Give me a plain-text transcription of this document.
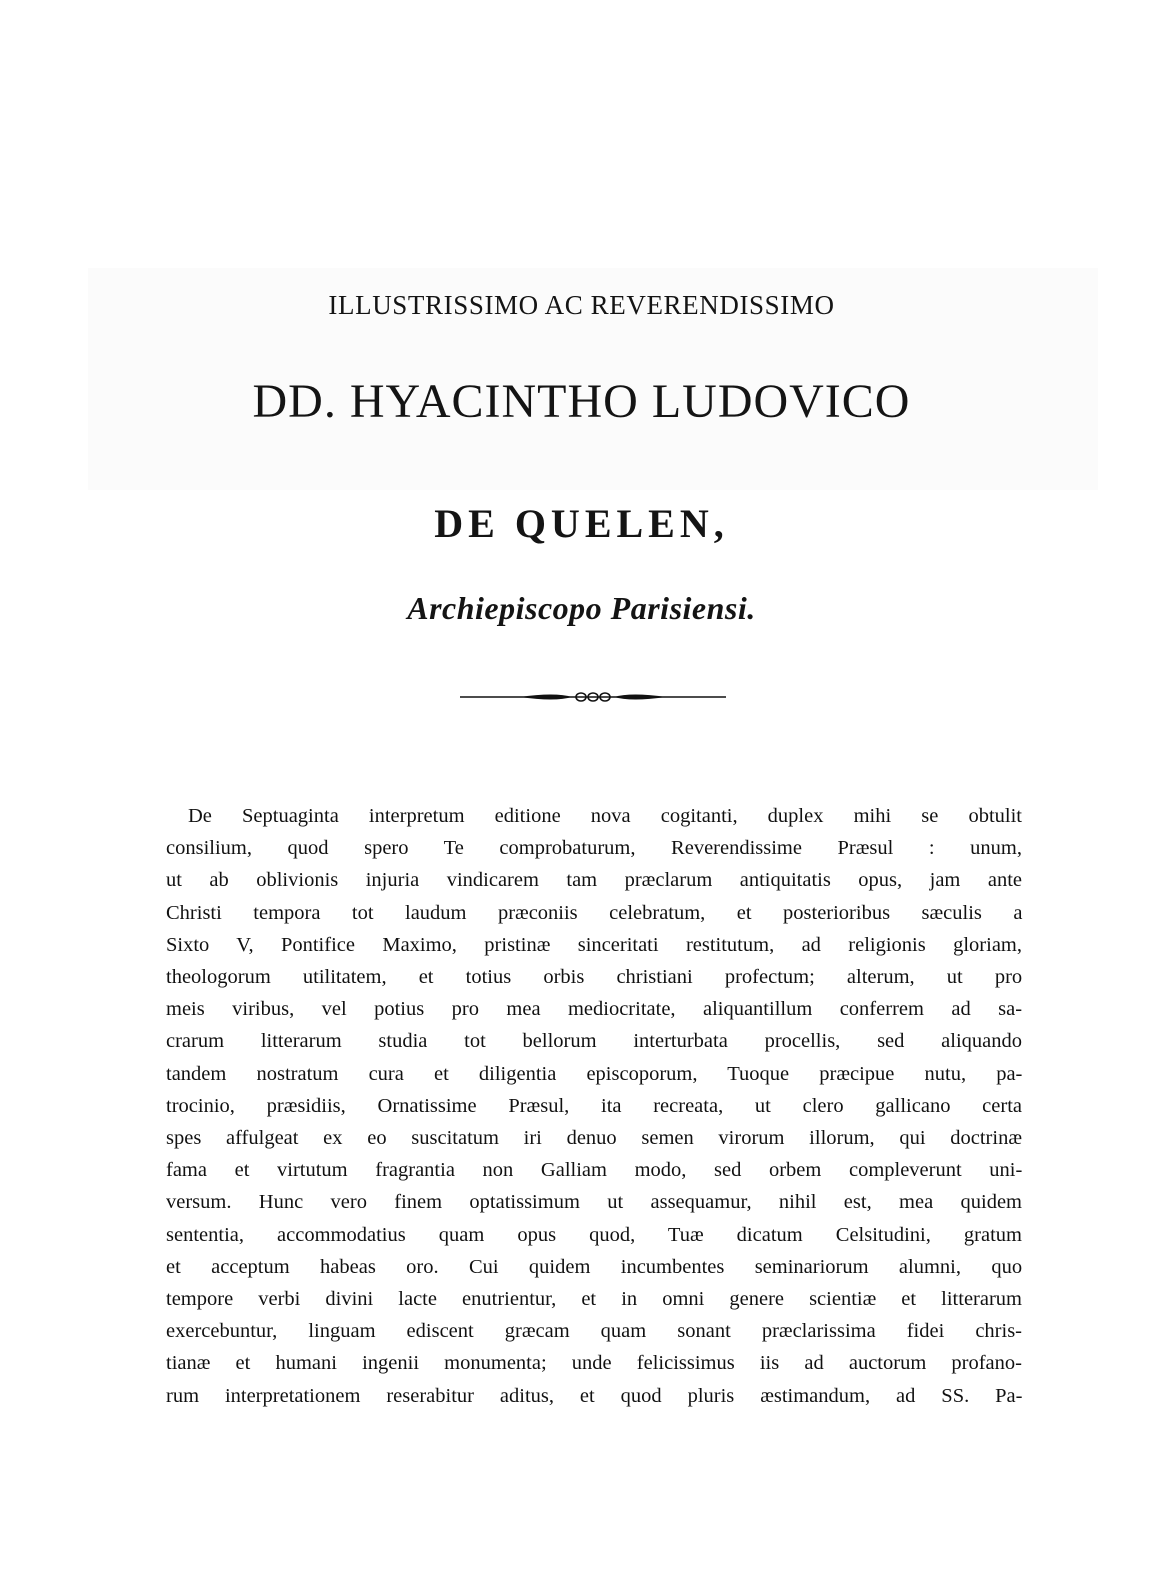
ILLUSTRISSIMO AC REVERENDISSIMO
DD. HYACINTHO LUDOVICO
DE QUELEN,
Archiepiscopo Parisiensi.
De Septuaginta interpretum editione nova cogitanti, duplex mihi se obtulit
consilium, quod spero Te comprobaturum, Reverendissime Præsul : unum,
ut ab oblivionis injuria vindicarem tam præclarum antiquitatis opus, jam ante
Christi tempora tot laudum præconiis celebratum, et posterioribus sæculis a
Sixto V, Pontifice Maximo, pristinæ sinceritati restitutum, ad religionis gloriam,
theologorum utilitatem, et totius orbis christiani profectum; alterum, ut pro
meis viribus, vel potius pro mea mediocritate, aliquantillum conferrem ad sa-
crarum litterarum studia tot bellorum interturbata procellis, sed aliquando
tandem nostratum cura et diligentia episcoporum, Tuoque præcipue nutu, pa-
trocinio, præsidiis, Ornatissime Præsul, ita recreata, ut clero gallicano certa
spes affulgeat ex eo suscitatum iri denuo semen virorum illorum, qui doctrinæ
fama et virtutum fragrantia non Galliam modo, sed orbem compleverunt uni-
versum. Hunc vero finem optatissimum ut assequamur, nihil est, mea quidem
sententia, accommodatius quam opus quod, Tuæ dicatum Celsitudini, gratum
et acceptum habeas oro. Cui quidem incumbentes seminariorum alumni, quo
tempore verbi divini lacte enutrientur, et in omni genere scientiæ et litterarum
exercebuntur, linguam ediscent græcam quam sonant præclarissima fidei chris-
tianæ et humani ingenii monumenta; unde felicissimus iis ad auctorum profano-
rum interpretationem reserabitur aditus, et quod pluris æstimandum, ad SS. Pa-
